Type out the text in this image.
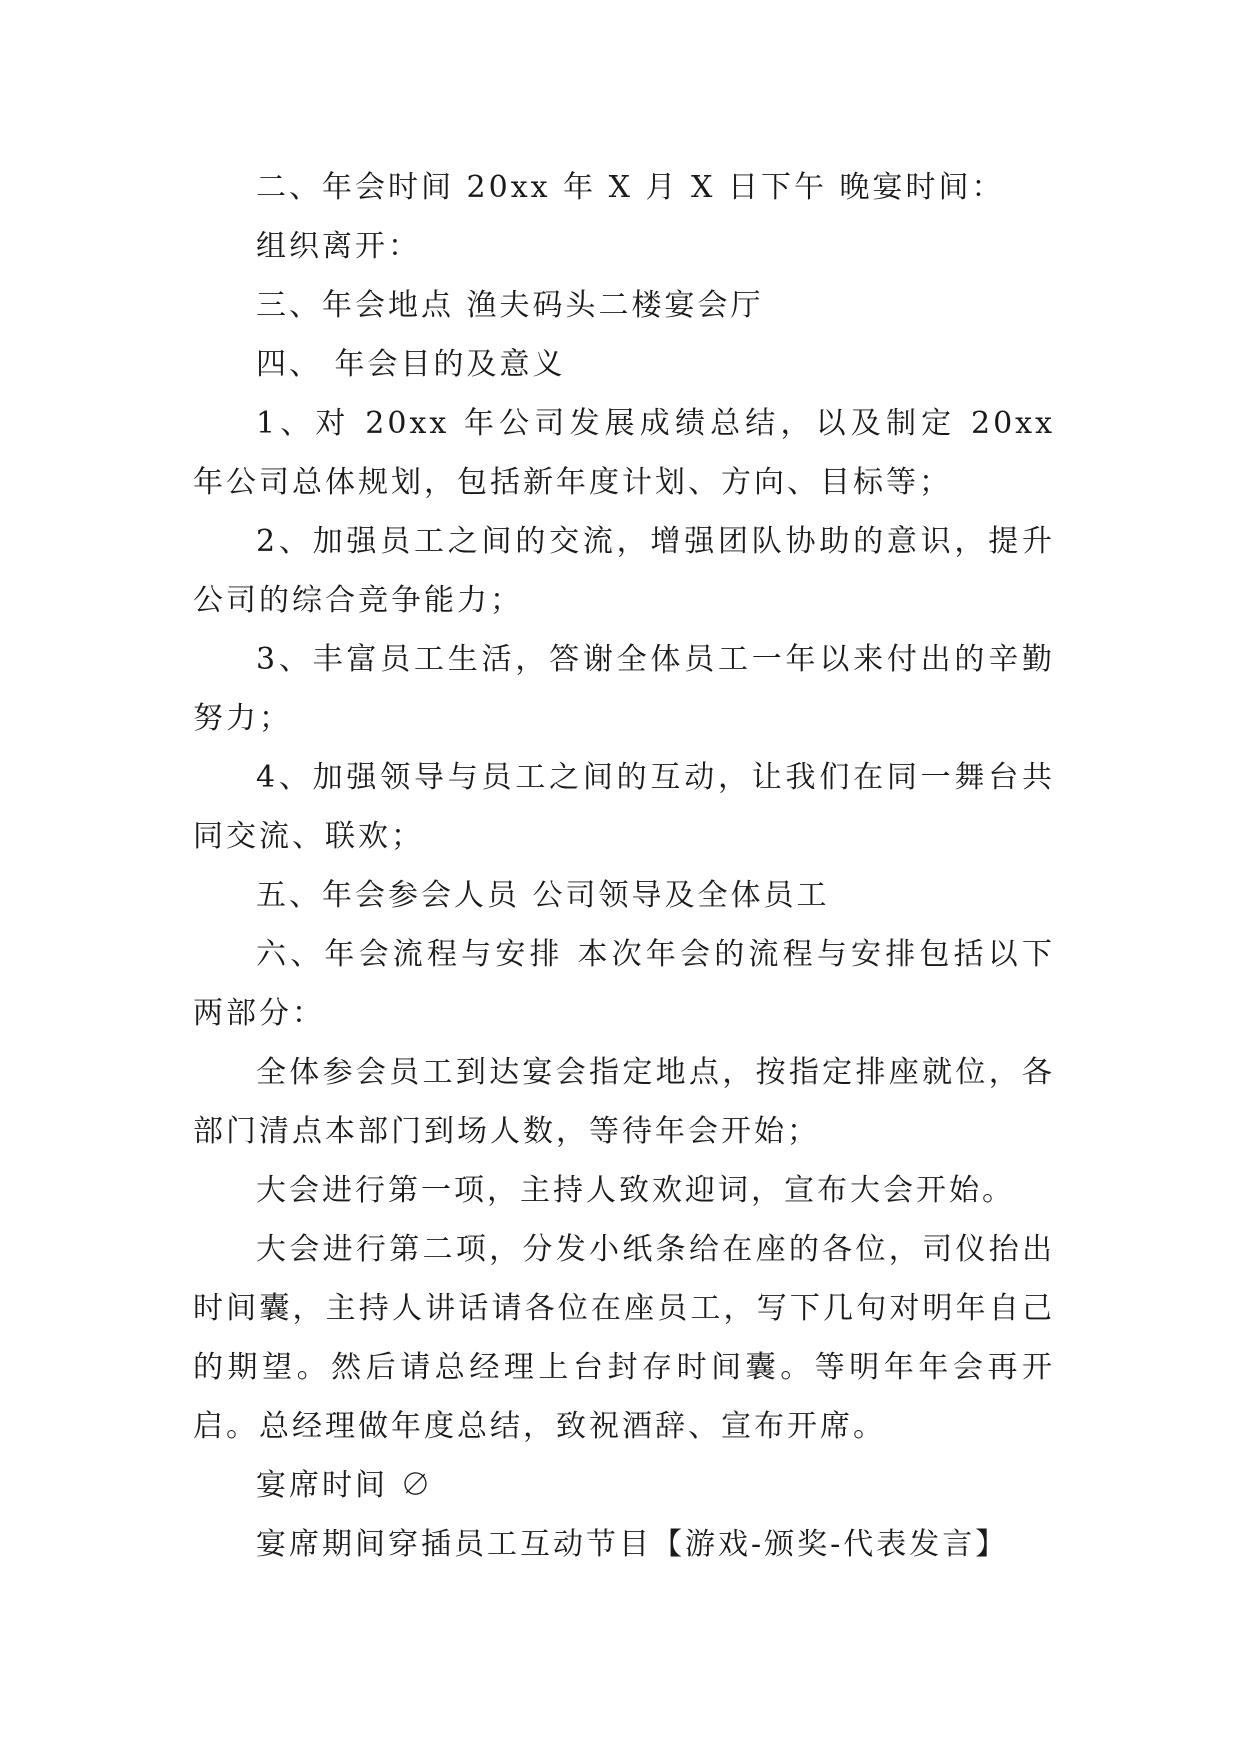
二、年会时间 20xx 年 X 月 X 日下午 晚宴时间：

组织离开：

三、年会地点 渔夫码头二楼宴会厅

四、 年会目的及意义

1、对 20xx 年公司发展成绩总结，以及制定 20xx 年公司总体规划，包括新年度计划、方向、目标等；

2、加强员工之间的交流，增强团队协助的意识，提升公司的综合竞争能力；

3、丰富员工生活，答谢全体员工一年以来付出的辛勤努力；

4、加强领导与员工之间的互动，让我们在同一舞台共同交流、联欢；

五、年会参会人员 公司领导及全体员工

六、年会流程与安排 本次年会的流程与安排包括以下两部分：

全体参会员工到达宴会指定地点，按指定排座就位，各部门清点本部门到场人数，等待年会开始；

大会进行第一项，主持人致欢迎词，宣布大会开始。

大会进行第二项，分发小纸条给在座的各位，司仪抬出时间囊，主持人讲话请各位在座员工，写下几句对明年自己的期望。然后请总经理上台封存时间囊。等明年年会再开启。总经理做年度总结，致祝酒辞、宣布开席。

宴席时间 ∅

宴席期间穿插员工互动节目【游戏-颁奖-代表发言】
